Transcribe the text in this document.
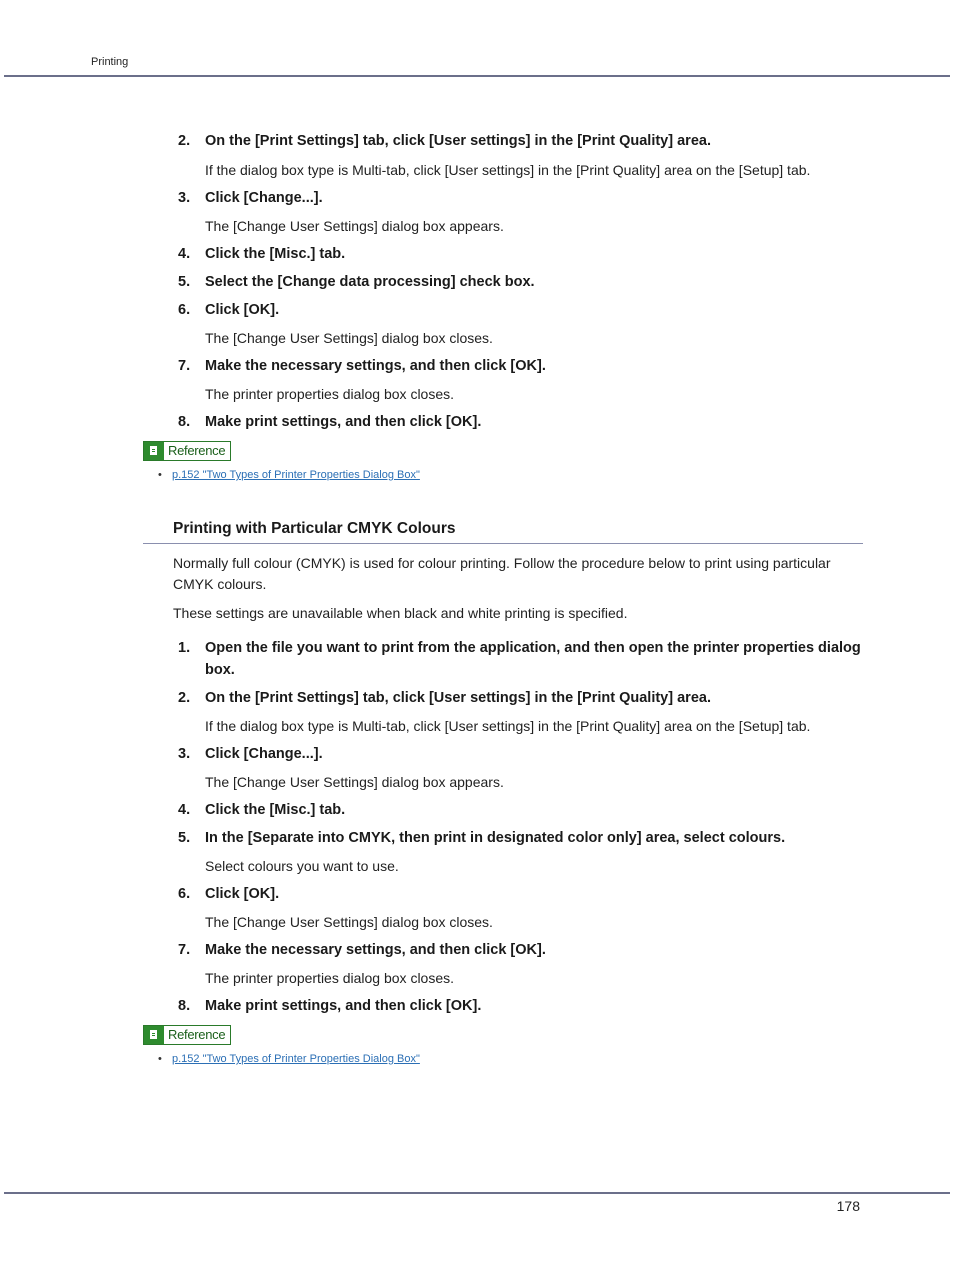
Printing
2. On the [Print Settings] tab, click [User settings] in the [Print Quality] area.
If the dialog box type is Multi-tab, click [User settings] in the [Print Quality] area on the [Setup] tab.
3. Click [Change...].
The [Change User Settings] dialog box appears.
4. Click the [Misc.] tab.
5. Select the [Change data processing] check box.
6. Click [OK].
The [Change User Settings] dialog box closes.
7. Make the necessary settings, and then click [OK].
The printer properties dialog box closes.
8. Make print settings, and then click [OK].
Reference
• p.152 "Two Types of Printer Properties Dialog Box"
Printing with Particular CMYK Colours
Normally full colour (CMYK) is used for colour printing. Follow the procedure below to print using particular CMYK colours.
These settings are unavailable when black and white printing is specified.
1. Open the file you want to print from the application, and then open the printer properties dialog box.
2. On the [Print Settings] tab, click [User settings] in the [Print Quality] area.
If the dialog box type is Multi-tab, click [User settings] in the [Print Quality] area on the [Setup] tab.
3. Click [Change...].
The [Change User Settings] dialog box appears.
4. Click the [Misc.] tab.
5. In the [Separate into CMYK, then print in designated color only] area, select colours.
Select colours you want to use.
6. Click [OK].
The [Change User Settings] dialog box closes.
7. Make the necessary settings, and then click [OK].
The printer properties dialog box closes.
8. Make print settings, and then click [OK].
Reference
• p.152 "Two Types of Printer Properties Dialog Box"
178
